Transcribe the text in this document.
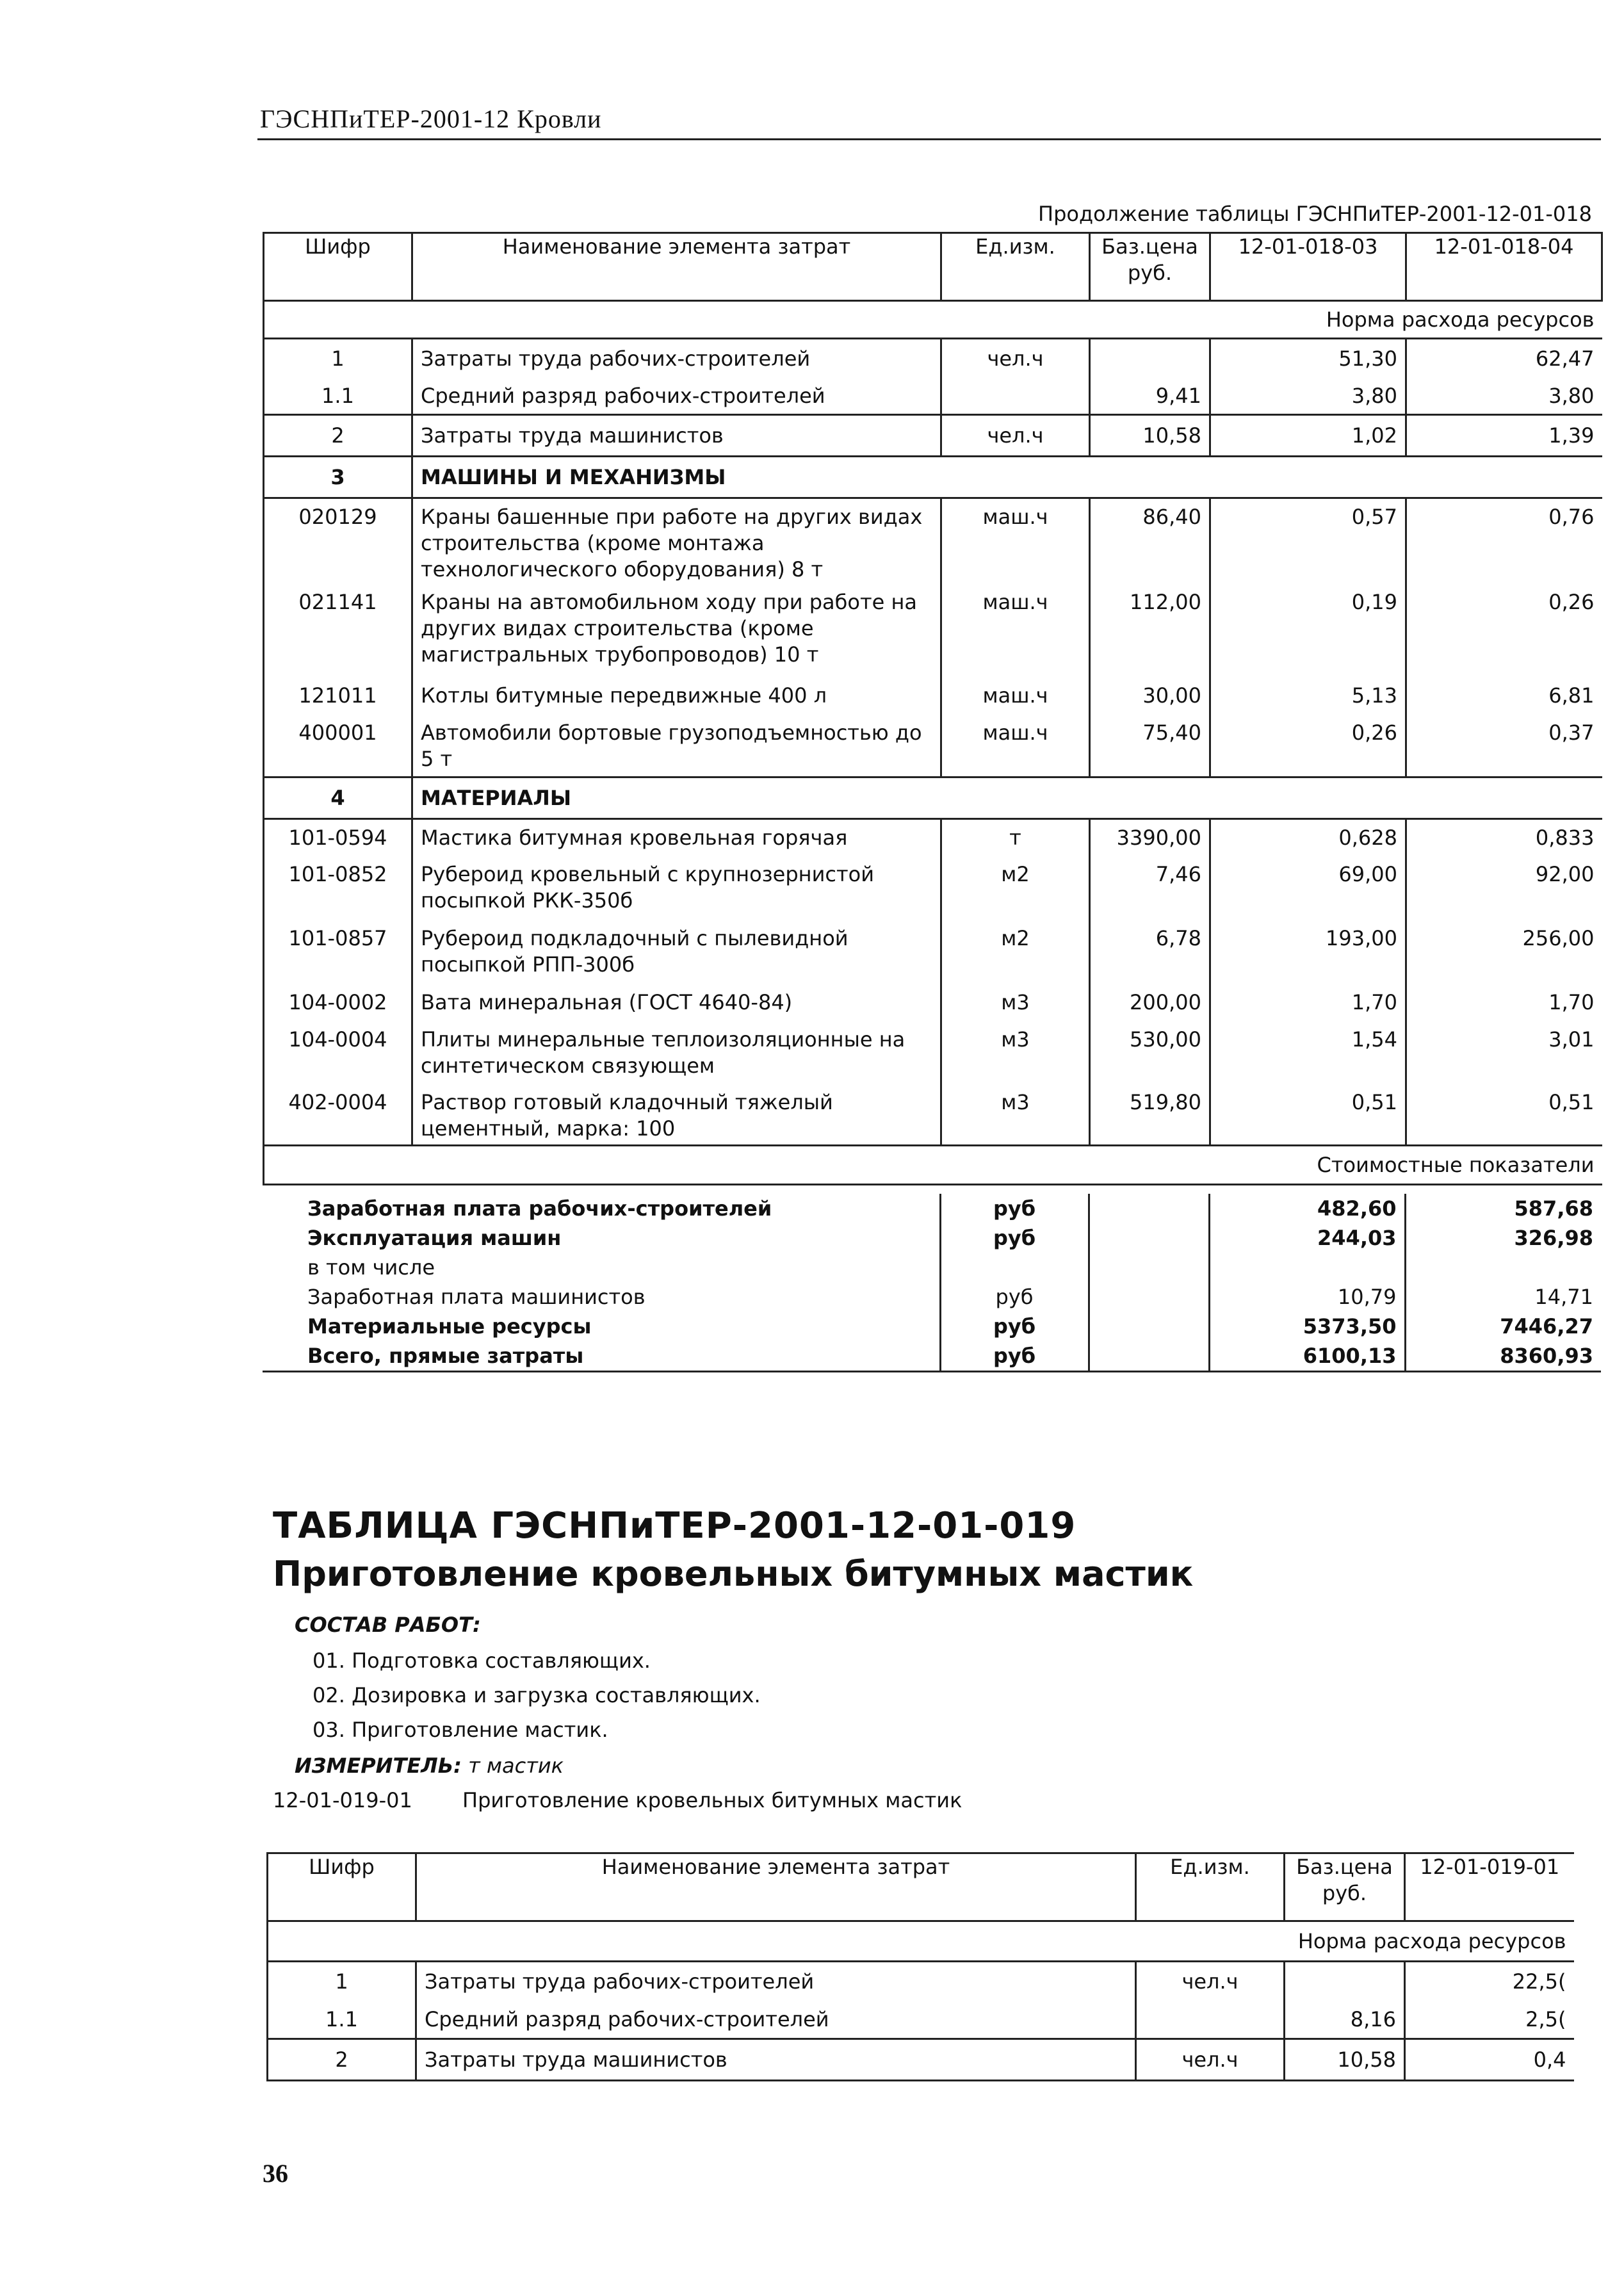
ГЭСНПиТЕР-2001-12 Кровли
Продолжение таблицы ГЭСНПиТЕР-2001-12-01-018
Шифр	Наименование элемента затрат	Ед.изм.	Баз.цена руб.	12-01-018-03	12-01-018-04
Норма расхода ресурсов					
1	Затраты труда рабочих-строителей	чел.ч		51,30	62,47
1.1	Средний разряд рабочих-строителей		9,41	3,80	3,80
2	Затраты труда машинистов	чел.ч	10,58	1,02	1,39
3	МАШИНЫ И МЕХАНИЗМЫ				
020129	Краны башенные при работе на других видах строительства (кроме монтажа технологического оборудования) 8 т	маш.ч	86,40	0,57	0,76
021141	Краны на автомобильном ходу при работе на других видах строительства (кроме магистральных трубопроводов) 10 т	маш.ч	112,00	0,19	0,26
121011	Котлы битумные передвижные 400 л	маш.ч	30,00	5,13	6,81
400001	Автомобили бортовые грузоподъемностью до 5 т	маш.ч	75,40	0,26	0,37
4	МАТЕРИАЛЫ				
101-0594	Мастика битумная кровельная горячая	т	3390,00	0,628	0,833
101-0852	Рубероид кровельный с крупнозернистой посыпкой РКК-350б	м2	7,46	69,00	92,00
101-0857	Рубероид подкладочный с пылевидной посыпкой РПП-300б	м2	6,78	193,00	256,00
104-0002	Вата минеральная (ГОСТ 4640-84)	м3	200,00	1,70	1,70
104-0004	Плиты минеральные теплоизоляционные на синтетическом связующем	м3	530,00	1,54	3,01
402-0004	Раствор готовый кладочный тяжелый цементный, марка: 100	м3	519,80	0,51	0,51
Стоимостные показатели					
Заработная плата рабочих-строителей	руб		482,60	587,68
Эксплуатация машин	руб		244,03	326,98
в том числе				
Заработная плата машинистов	руб		10,79	14,71
Материальные ресурсы	руб		5373,50	7446,27
Всего, прямые затраты	руб		6100,13	8360,93
ТАБЛИЦА ГЭСНПиТЕР-2001-12-01-019
Приготовление кровельных битумных мастик
СОСТАВ РАБОТ:
01. Подготовка составляющих.
02. Дозировка и загрузка составляющих.
03. Приготовление мастик.
ИЗМЕРИТЕЛЬ: т мастик
12-01-019-01 Приготовление кровельных битумных мастик
Шифр	Наименование элемента затрат	Ед.изм.	Баз.цена руб.	12-01-019-01
Норма расхода ресурсов				
1	Затраты труда рабочих-строителей	чел.ч		22,5(
1.1	Средний разряд рабочих-строителей		8,16	2,5(
2	Затраты труда машинистов	чел.ч	10,58	0,4
36
